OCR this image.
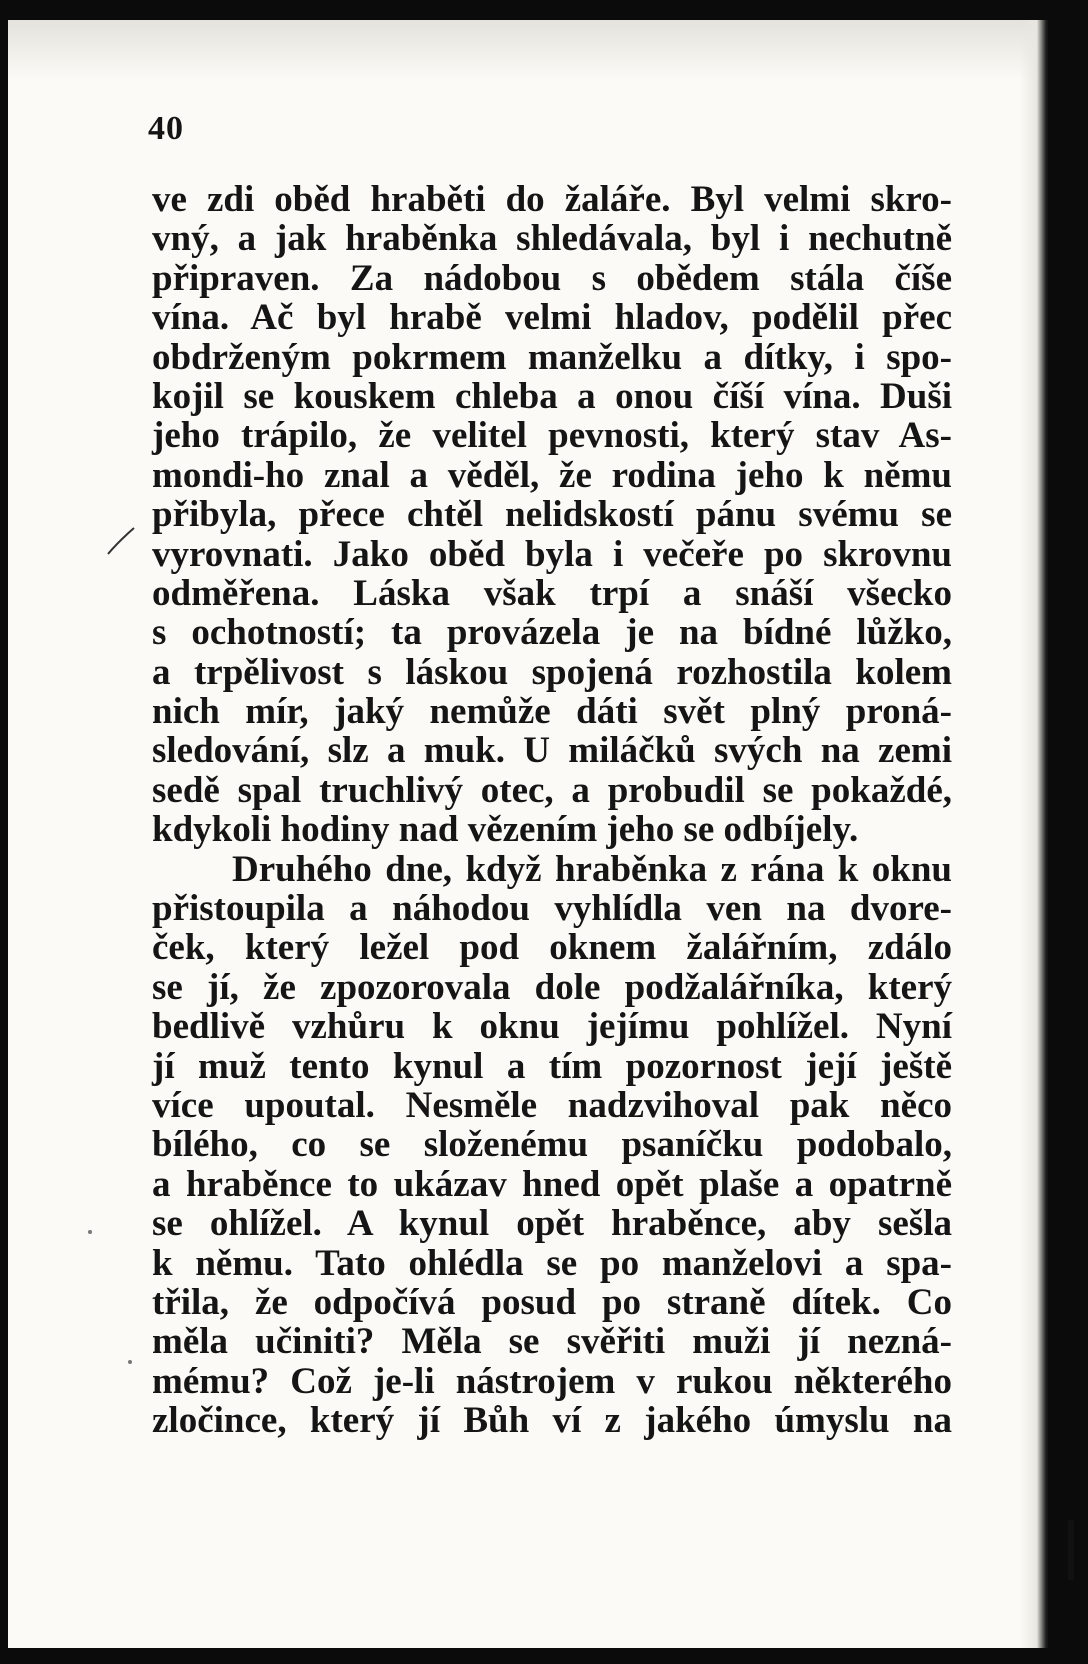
40
ve zdi oběd hraběti do žaláře. Byl velmi skro-
vný, a jak hraběnka shledávala, byl i nechutně
připraven. Za nádobou s obědem stála číše
vína. Ač byl hrabě velmi hladov, podělil přec
obdrženým pokrmem manželku a dítky, i spo-
kojil se kouskem chleba a onou číší vína. Duši
jeho trápilo, že velitel pevnosti, který stav As-
mondi-ho znal a věděl, že rodina jeho k němu
přibyla, přece chtěl nelidskostí pánu svému se
vyrovnati. Jako oběd byla i večeře po skrovnu
odměřena. Láska však trpí a snáší všecko
s ochotností; ta provázela je na bídné lůžko,
a trpělivost s láskou spojená rozhostila kolem
nich mír, jaký nemůže dáti svět plný proná-
sledování, slz a muk. U miláčků svých na zemi
sedě spal truchlivý otec, a probudil se pokaždé,
kdykoli hodiny nad vězením jeho se odbíjely.
Druhého dne, když hraběnka z rána k oknu
přistoupila a náhodou vyhlídla ven na dvore-
ček, který ležel pod oknem žalářním, zdálo
se jí, že zpozorovala dole podžalářníka, který
bedlivě vzhůru k oknu jejímu pohlížel. Nyní
jí muž tento kynul a tím pozornost její ještě
více upoutal. Nesměle nadzvihoval pak něco
bílého, co se složenému psaníčku podobalo,
a hraběnce to ukázav hned opět plaše a opatrně
se ohlížel. A kynul opět hraběnce, aby sešla
k němu. Tato ohlédla se po manželovi a spa-
třila, že odpočívá posud po straně dítek. Co
měla učiniti? Měla se svěřiti muži jí nezná-
mému? Což je-li nástrojem v rukou některého
zločince, který jí Bůh ví z jakého úmyslu na
